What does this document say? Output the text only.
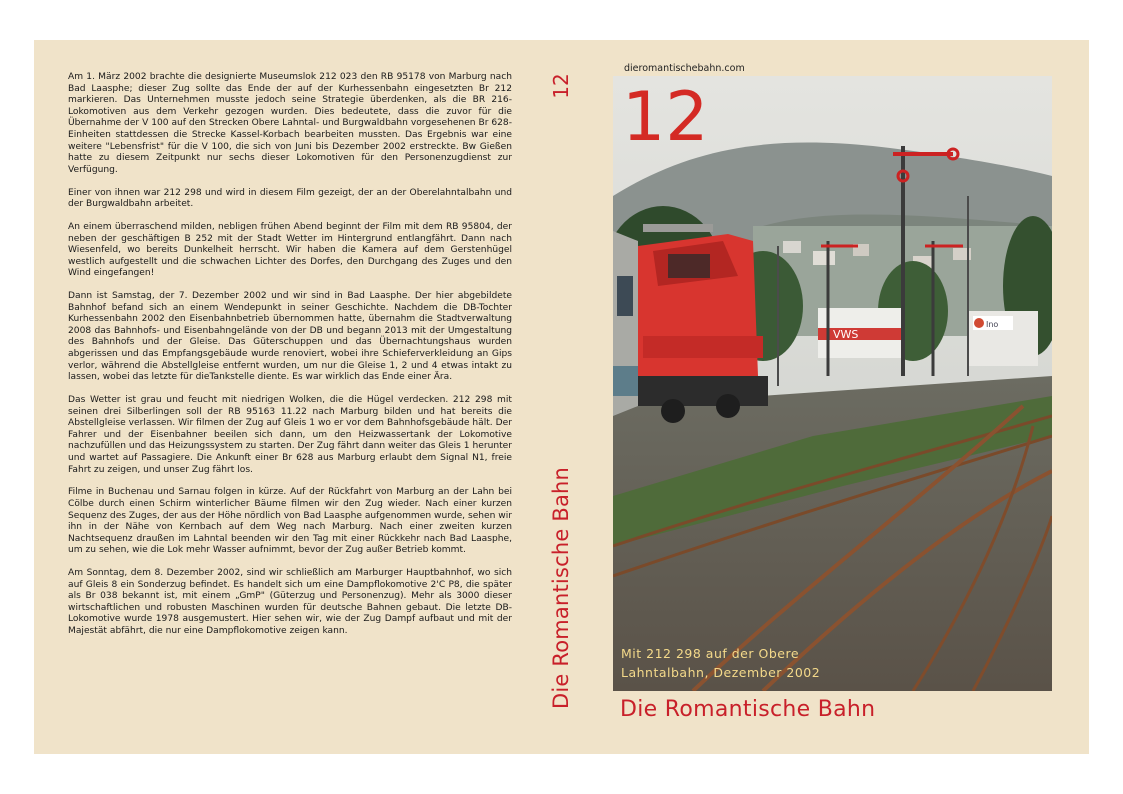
Am 1. März 2002 brachte die designierte Museumslok 212 023 den RB 95178 von Marburg nach Bad Laasphe; dieser Zug sollte das Ende der auf der Kurhessenbahn eingesetzten Br 212 markieren. Das Unternehmen musste jedoch seine Strategie überdenken, als die BR 216-Lokomotiven aus dem Verkehr gezogen wurden. Dies bedeutete, dass die zuvor für die Übernahme der V 100 auf den Strecken Obere Lahntal- und Burgwaldbahn vorgesehenen Br 628-Einheiten stattdessen die Strecke Kassel-Korbach bearbeiten mussten. Das Ergebnis war eine weitere "Lebensfrist" für die V 100, die sich von Juni bis Dezember 2002 erstreckte. Bw Gießen hatte zu diesem Zeitpunkt nur sechs dieser Lokomotiven für den Personenzugdienst zur Verfügung.

Einer von ihnen war 212 298 und wird in diesem Film gezeigt, der an der Oberelahntalbahn und der Burgwaldbahn arbeitet.

An einem überraschend milden, nebligen frühen Abend beginnt der Film mit dem RB 95804, der neben der geschäftigen B 252 mit der Stadt Wetter im Hintergrund entlangfährt. Dann nach Wiesenfeld, wo bereits Dunkelheit herrscht. Wir haben die Kamera auf dem Gerstenhügel westlich aufgestellt und die schwachen Lichter des Dorfes, den Durchgang des Zuges und den Wind eingefangen!

Dann ist Samstag, der 7. Dezember 2002 und wir sind in Bad Laasphe. Der hier abgebildete Bahnhof befand sich an einem Wendepunkt in seiner Geschichte. Nachdem die DB-Tochter Kurhessenbahn 2002 den Eisenbahnbetrieb übernommen hatte, übernahm die Stadtverwaltung 2008 das Bahnhofs- und Eisenbahngelände von der DB und begann 2013 mit der Umgestaltung des Bahnhofs und der Gleise. Das Güterschuppen und das Übernachtungshaus wurden abgerissen und das Empfangsgebäude wurde renoviert, wobei ihre Schieferverkleidung an Gips verlor, während die Abstellgleise entfernt wurden, um nur die Gleise 1, 2 und 4 etwas intakt zu lassen, wobei das letzte für dieTankstelle diente. Es war wirklich das Ende einer Ära.

Das Wetter ist grau und feucht mit niedrigen Wolken, die die Hügel verdecken. 212 298 mit seinen drei Silberlingen soll der RB 95163 11.22 nach Marburg bilden und hat bereits die Abstellgleise verlassen. Wir filmen der Zug auf Gleis 1 wo er vor dem Bahnhofsgebäude hält. Der Fahrer und der Eisenbahner beeilen sich dann, um den Heizwassertank der Lokomotive nachzufüllen und das Heizungssystem zu starten. Der Zug fährt dann weiter das Gleis 1 herunter und wartet auf Passagiere. Die Ankunft einer Br 628 aus Marburg erlaubt dem Signal N1, freie Fahrt zu zeigen, und unser Zug fährt los.

Filme in Buchenau und Sarnau folgen in kürze. Auf der Rückfahrt von Marburg an der Lahn bei Cölbe durch einen Schirm winterlicher Bäume filmen wir den Zug wieder. Nach einer kurzen Sequenz des Zuges, der aus der Höhe nördlich von Bad Laasphe aufgenommen wurde, sehen wir ihn in der Nähe von Kernbach auf dem Weg nach Marburg. Nach einer zweiten kurzen Nachtsequenz draußen im Lahntal beenden wir den Tag mit einer Rückkehr nach Bad Laasphe, um zu sehen, wie die Lok mehr Wasser aufnimmt, bevor der Zug außer Betrieb kommt.

Am Sonntag, dem 8. Dezember 2002, sind wir schließlich am Marburger Hauptbahnhof, wo sich auf Gleis 8 ein Sonderzug befindet. Es handelt sich um eine Dampflokomotive 2'C P8, die später als Br 038 bekannt ist, mit einem „GmP" (Güterzug und Personenzug). Mehr als 3000 dieser wirtschaftlichen und robusten Maschinen wurden für deutsche Bahnen gebaut. Die letzte DB-Lokomotive wurde 1978 ausgemustert. Hier sehen wir, wie der Zug Dampf aufbaut und mit der Majestät abfährt, die nur eine Dampflokomotive zeigen kann.

12
Die Romantische Bahn
dieromantischebahn.com
VWS
Ino
12
Mit 212 298 auf der Obere
Lahntalbahn, Dezember 2002
Die Romantische Bahn
